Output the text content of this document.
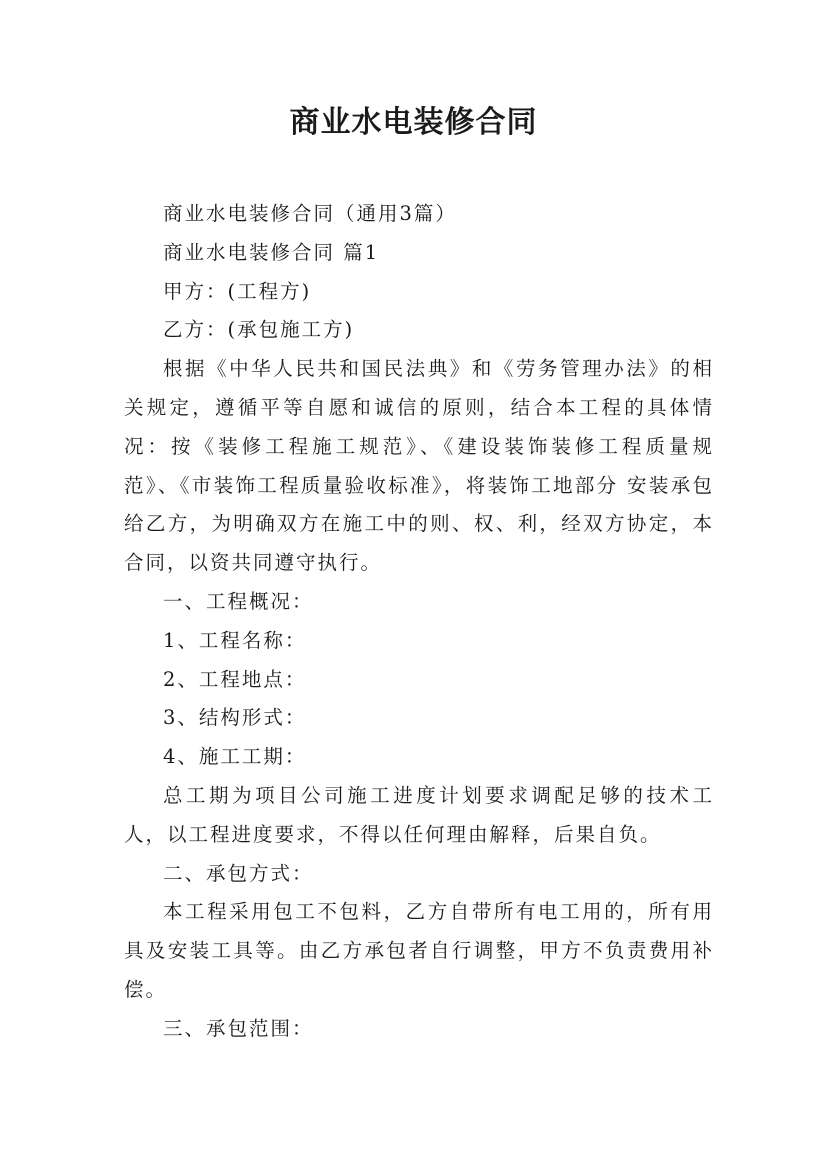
商业水电装修合同

商业水电装修合同（通用3篇）

商业水电装修合同 篇1

甲方：(工程方)

乙方：(承包施工方)

根据《中华人民共和国民法典》和《劳务管理办法》的相关规定，遵循平等自愿和诚信的原则，结合本工程的具体情况：按《装修工程施工规范》、《建设装饰装修工程质量规范》、《市装饰工程质量验收标准》，将装饰工地部分 安装承包给乙方，为明确双方在施工中的则、权、利，经双方协定，本合同，以资共同遵守执行。

一、工程概况：

1、工程名称：

2、工程地点：

3、结构形式：

4、施工工期：

总工期为项目公司施工进度计划要求调配足够的技术工人，以工程进度要求，不得以任何理由解释，后果自负。

二、承包方式：

本工程采用包工不包料，乙方自带所有电工用的，所有用具及安装工具等。由乙方承包者自行调整，甲方不负责费用补偿。

三、承包范围：
